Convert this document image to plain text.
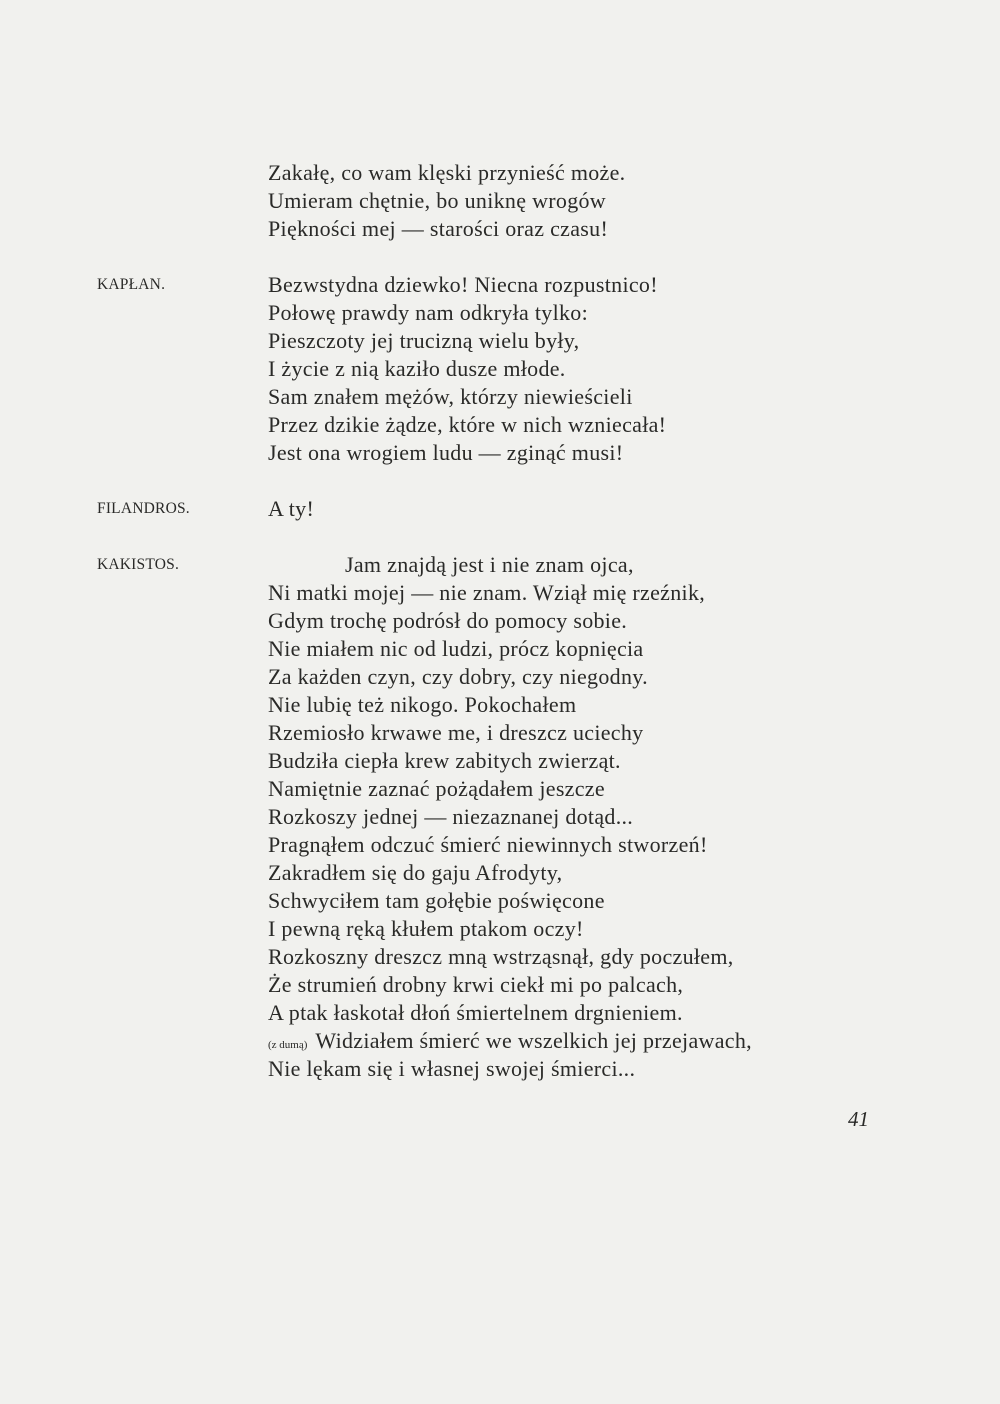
Zakałę, co wam klęski przynieść może.
Umieram chętnie, bo uniknę wrogów
Piękności mej — starości oraz czasu!
KAPŁAN.	Bezwstydna dziewko! Niecna rozpustnico!
Połowę prawdy nam odkryła tylko:
Pieszczoty jej trucizną wielu były,
I życie z nią kaziło dusze młode.
Sam znałem mężów, którzy niewieścieli
Przez dzikie żądze, które w nich wzniecała!
Jest ona wrogiem ludu — zginąć musi!
FILANDROS.	A ty!
KAKISTOS.	Jam znajdą jest i nie znam ojca,
Ni matki mojej — nie znam. Wziął mię rzeźnik,
Gdym trochę podrósł do pomocy sobie.
Nie miałem nic od ludzi, prócz kopnięcia
Za każden czyn, czy dobry, czy niegodny.
Nie lubię też nikogo. Pokochałem
Rzemiosło krwawe me, i dreszcz uciechy
Budziła ciepła krew zabitych zwierząt.
Namiętnie zaznać pożądałem jeszcze
Rozkoszy jednej — niezaznanej dotąd...
Pragnąłem odczuć śmierć niewinnych stworzeń!
Zakradłem się do gaju Afrodyty,
Schwyciłem tam gołębie poświęcone
I pewną ręką kłułem ptakom oczy!
Rozkoszny dreszcz mną wstrząsnął, gdy poczułem,
Że strumień drobny krwi ciekł mi po palcach,
A ptak łaskotał dłoń śmiertelnem drgnieniem.
(z dumą) Widziałem śmierć we wszelkich jej przejawach,
Nie lękam się i własnej swojej śmierci...
41
